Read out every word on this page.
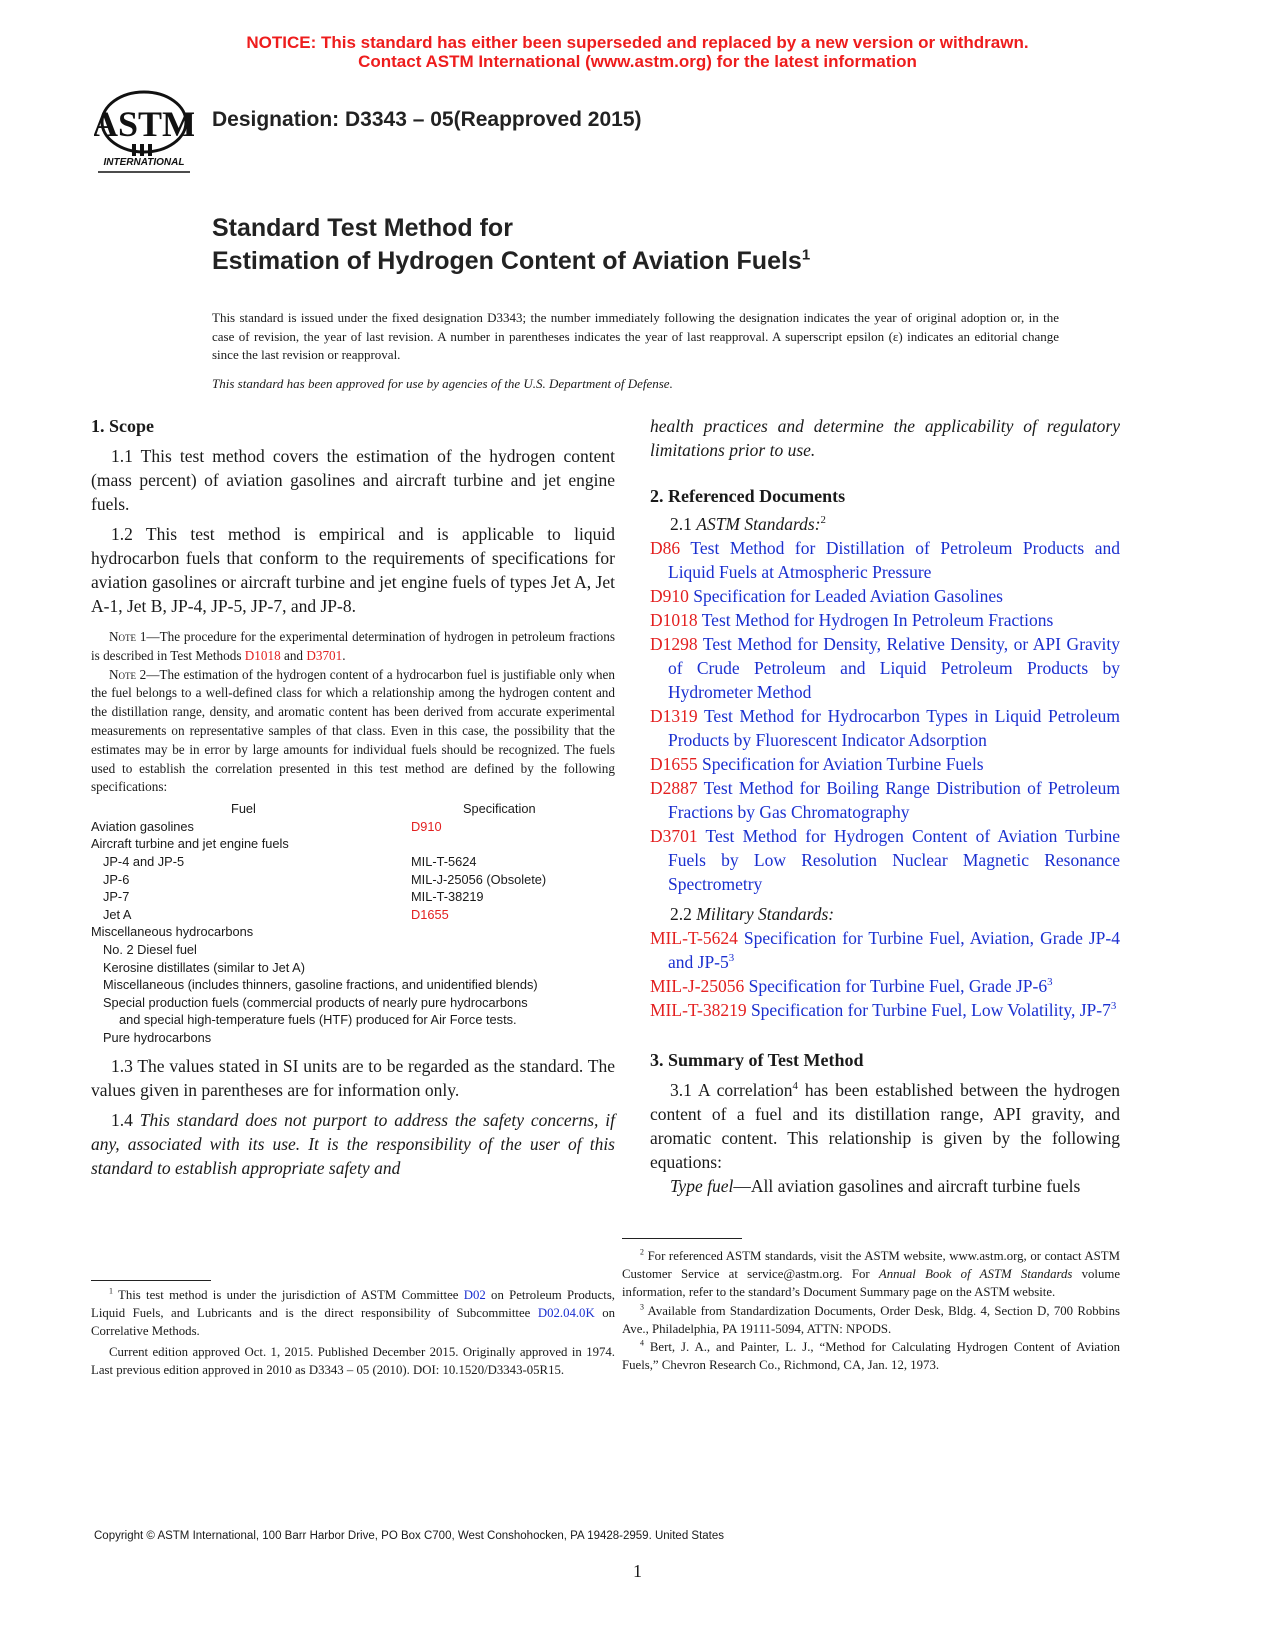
NOTICE: This standard has either been superseded and replaced by a new version or withdrawn.
Contact ASTM International (www.astm.org) for the latest information
ASTM
INTERNATIONAL
Designation: D3343 – 05(Reapproved 2015)
Standard Test Method for
Estimation of Hydrogen Content of Aviation Fuels$^1$
This standard is issued under the fixed designation D3343; the number immediately following the designation indicates the year of original adoption or, in the case of revision, the year of last revision. A number in parentheses indicates the year of last reapproval. A superscript epsilon (ε) indicates an editorial change since the last revision or reapproval.
This standard has been approved for use by agencies of the U.S. Department of Defense.

1. Scope

1.1 This test method covers the estimation of the hydrogen content (mass percent) of aviation gasolines and aircraft turbine and jet engine fuels.

1.2 This test method is empirical and is applicable to liquid hydrocarbon fuels that conform to the requirements of specifications for aviation gasolines or aircraft turbine and jet engine fuels of types Jet A, Jet A-1, Jet B, JP-4, JP-5, JP-7, and JP-8.

Note 1—The procedure for the experimental determination of hydrogen in petroleum fractions is described in Test Methods D1018 and D3701.

Note 2—The estimation of the hydrogen content of a hydrocarbon fuel is justifiable only when the fuel belongs to a well-defined class for which a relationship among the hydrogen content and the distillation range, density, and aromatic content has been derived from accurate experimental measurements on representative samples of that class. Even in this case, the possibility that the estimates may be in error by large amounts for individual fuels should be recognized. The fuels used to establish the correlation presented in this test method are defined by the following specifications:

Fuel	Specification
Aviation gasolines	D910
Aircraft turbine and jet engine fuels	
JP-4 and JP-5	MIL-T-5624
JP-6	MIL-J-25056 (Obsolete)
JP-7	MIL-T-38219
Jet A	D1655
Miscellaneous hydrocarbons	
No. 2 Diesel fuel	
Kerosine distillates (similar to Jet A)	
Miscellaneous (includes thinners, gasoline fractions, and unidentified blends)	
Special production fuels (commercial products of nearly pure hydrocarbons	
and special high-temperature fuels (HTF) produced for Air Force tests.	
Pure hydrocarbons	

1.3 The values stated in SI units are to be regarded as the standard. The values given in parentheses are for information only.

1.4 This standard does not purport to address the safety concerns, if any, associated with its use. It is the responsibility of the user of this standard to establish appropriate safety and

$^1$ This test method is under the jurisdiction of ASTM Committee D02 on Petroleum Products, Liquid Fuels, and Lubricants and is the direct responsibility of Subcommittee D02.04.0K on Correlative Methods.

Current edition approved Oct. 1, 2015. Published December 2015. Originally approved in 1974. Last previous edition approved in 2010 as D3343 – 05 (2010). DOI: 10.1520/D3343-05R15.

health practices and determine the applicability of regulatory limitations prior to use.

2. Referenced Documents

2.1 ASTM Standards:$^2$

D86 Test Method for Distillation of Petroleum Products and Liquid Fuels at Atmospheric Pressure

D910 Specification for Leaded Aviation Gasolines

D1018 Test Method for Hydrogen In Petroleum Fractions

D1298 Test Method for Density, Relative Density, or API Gravity of Crude Petroleum and Liquid Petroleum Products by Hydrometer Method

D1319 Test Method for Hydrocarbon Types in Liquid Petroleum Products by Fluorescent Indicator Adsorption

D1655 Specification for Aviation Turbine Fuels

D2887 Test Method for Boiling Range Distribution of Petroleum Fractions by Gas Chromatography

D3701 Test Method for Hydrogen Content of Aviation Turbine Fuels by Low Resolution Nuclear Magnetic Resonance Spectrometry

2.2 Military Standards:

MIL-T-5624 Specification for Turbine Fuel, Aviation, Grade JP-4 and $JP-5^3$

MIL-J-25056 Specification for Turbine Fuel, Grade $JP-6^3$

MIL-T-38219 Specification for Turbine Fuel, Low Volatility, $JP-7^3$

3. Summary of Test Method

3.1 A correlation$^4$ has been established between the hydrogen content of a fuel and its distillation range, API gravity, and aromatic content. This relationship is given by the following equations:

Type fuel—All aviation gasolines and aircraft turbine fuels

$^2$ For referenced ASTM standards, visit the ASTM website, www.astm.org, or contact ASTM Customer Service at service@astm.org. For Annual Book of ASTM Standards volume information, refer to the standard’s Document Summary page on the ASTM website.

$^3$ Available from Standardization Documents, Order Desk, Bldg. 4, Section D, 700 Robbins Ave., Philadelphia, PA 19111-5094, ATTN: NPODS.

$^4$ Bert, J. A., and Painter, L. J., “Method for Calculating Hydrogen Content of Aviation Fuels,” Chevron Research Co., Richmond, CA, Jan. 12, 1973.

Copyright © ASTM International, 100 Barr Harbor Drive, PO Box C700, West Conshohocken, PA 19428-2959. United States
1
